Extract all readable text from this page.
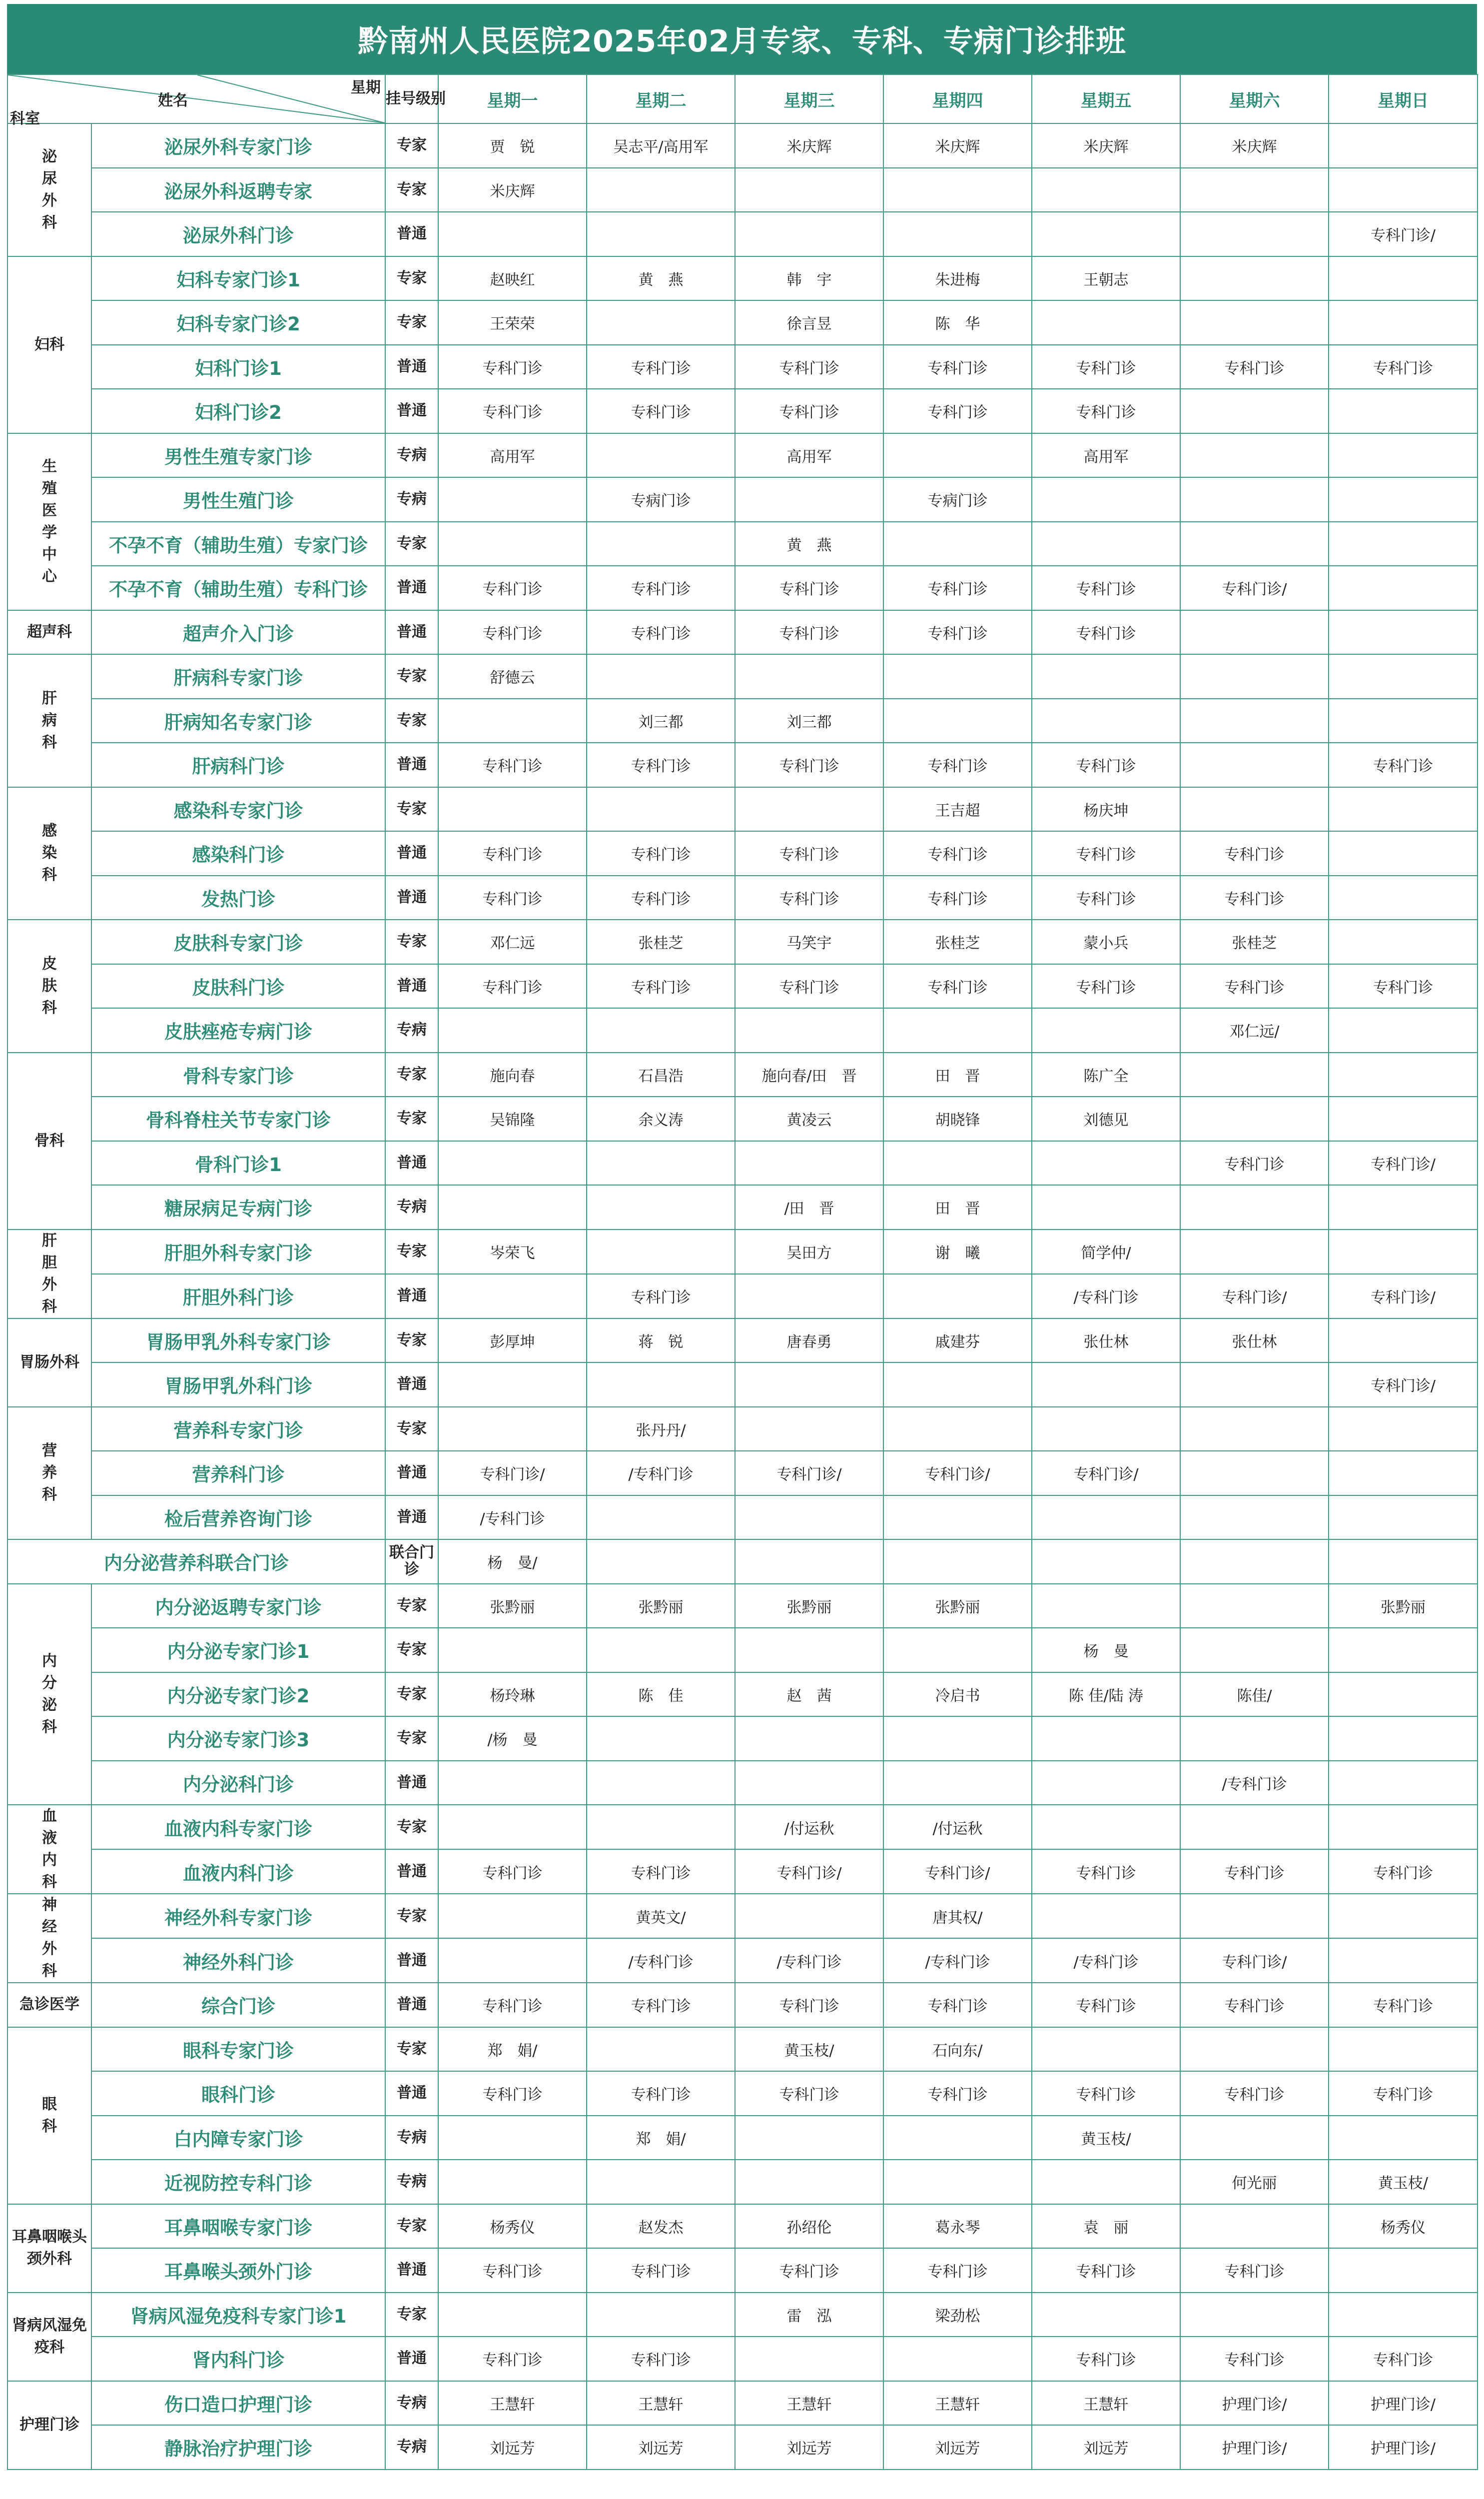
黔南州人民医院2025年02月专家、专科、专病门诊排班
星期
姓名
科室		挂号级别	星期一	星期二	星期三	星期四	星期五	星期六	星期日
泌尿外科	泌尿外科专家门诊	专家	贾　锐	吴志平/高用军	米庆辉	米庆辉	米庆辉	米庆辉	
	泌尿外科返聘专家	专家	米庆辉						
	泌尿外科门诊	普通							专科门诊/
妇科	妇科专家门诊1	专家	赵映红	黄　燕	韩　宇	朱进梅	王朝志		
	妇科专家门诊2	专家	王荣荣		徐言昱	陈　华			
	妇科门诊1	普通	专科门诊	专科门诊	专科门诊	专科门诊	专科门诊	专科门诊	专科门诊
	妇科门诊2	普通	专科门诊	专科门诊	专科门诊	专科门诊	专科门诊		
生殖医学中心	男性生殖专家门诊	专病	高用军		高用军		高用军		
	男性生殖门诊	专病		专病门诊		专病门诊			
	不孕不育（辅助生殖）专家门诊	专家			黄　燕				
	不孕不育（辅助生殖）专科门诊	普通	专科门诊	专科门诊	专科门诊	专科门诊	专科门诊	专科门诊/	
超声科	超声介入门诊	普通	专科门诊	专科门诊	专科门诊	专科门诊	专科门诊		
肝病科	肝病科专家门诊	专家	舒德云						
	肝病知名专家门诊	专家		刘三都	刘三都				
	肝病科门诊	普通	专科门诊	专科门诊	专科门诊	专科门诊	专科门诊		专科门诊
感染科	感染科专家门诊	专家				王吉超	杨庆坤		
	感染科门诊	普通	专科门诊	专科门诊	专科门诊	专科门诊	专科门诊	专科门诊	
	发热门诊	普通	专科门诊	专科门诊	专科门诊	专科门诊	专科门诊	专科门诊	
皮肤科	皮肤科专家门诊	专家	邓仁远	张桂芝	马笑宇	张桂芝	蒙小兵	张桂芝	
	皮肤科门诊	普通	专科门诊	专科门诊	专科门诊	专科门诊	专科门诊	专科门诊	专科门诊
	皮肤痤疮专病门诊	专病						邓仁远/	
骨科	骨科专家门诊	专家	施向春	石昌浩	施向春/田　晋	田　晋	陈广全		
	骨科脊柱关节专家门诊	专家	吴锦隆	余义涛	黄凌云	胡晓锋	刘德见		
	骨科门诊1	普通						专科门诊	专科门诊/
	糖尿病足专病门诊	专病			/田　晋	田　晋			
肝胆外科	肝胆外科专家门诊	专家	岑荣飞		吴田方	谢　曦	简学仲/		
	肝胆外科门诊	普通		专科门诊			/专科门诊	专科门诊/	专科门诊/
胃肠外科	胃肠甲乳外科专家门诊	专家	彭厚坤	蒋　锐	唐春勇	戚建芬	张仕林	张仕林	
	胃肠甲乳外科门诊	普通							专科门诊/
营养科	营养科专家门诊	专家		张丹丹/					
	营养科门诊	普通	专科门诊/	/专科门诊	专科门诊/	专科门诊/	专科门诊/		
	检后营养咨询门诊	普通	/专科门诊						
内分泌营养科联合门诊		联合门诊	杨　曼/						
内分泌科	内分泌返聘专家门诊	专家	张黔丽	张黔丽	张黔丽	张黔丽			张黔丽
	内分泌专家门诊1	专家					杨　曼		
	内分泌专家门诊2	专家	杨玲琳	陈　佳	赵　茜	冷启书	陈 佳/陆 涛	陈佳/	
	内分泌专家门诊3	专家	/杨　曼						
	内分泌科门诊	普通						/专科门诊	
血液内科	血液内科专家门诊	专家			/付运秋	/付运秋			
	血液内科门诊	普通	专科门诊	专科门诊	专科门诊/	专科门诊/	专科门诊	专科门诊	专科门诊
神经外科	神经外科专家门诊	专家		黄英文/		唐其权/			
	神经外科门诊	普通		/专科门诊	/专科门诊	/专科门诊	/专科门诊	专科门诊/	
急诊医学	综合门诊	普通	专科门诊	专科门诊	专科门诊	专科门诊	专科门诊	专科门诊	专科门诊
眼科	眼科专家门诊	专家	郑　娟/		黄玉枝/	石向东/			
	眼科门诊	普通	专科门诊	专科门诊	专科门诊	专科门诊	专科门诊	专科门诊	专科门诊
	白内障专家门诊	专病		郑　娟/			黄玉枝/		
	近视防控专科门诊	专病						何光丽	黄玉枝/
耳鼻咽喉头颈外科	耳鼻咽喉专家门诊	专家	杨秀仪	赵发杰	孙绍伦	葛永琴	袁　丽		杨秀仪
	耳鼻喉头颈外门诊	普通	专科门诊	专科门诊	专科门诊	专科门诊	专科门诊	专科门诊	
肾病风湿免疫科	肾病风湿免疫科专家门诊1	专家			雷　泓	梁劲松			
	肾内科门诊	普通	专科门诊	专科门诊			专科门诊	专科门诊	专科门诊
护理门诊	伤口造口护理门诊	专病	王慧轩	王慧轩	王慧轩	王慧轩	王慧轩	护理门诊/	护理门诊/
	静脉治疗护理门诊	专病	刘远芳	刘远芳	刘远芳	刘远芳	刘远芳	护理门诊/	护理门诊/
